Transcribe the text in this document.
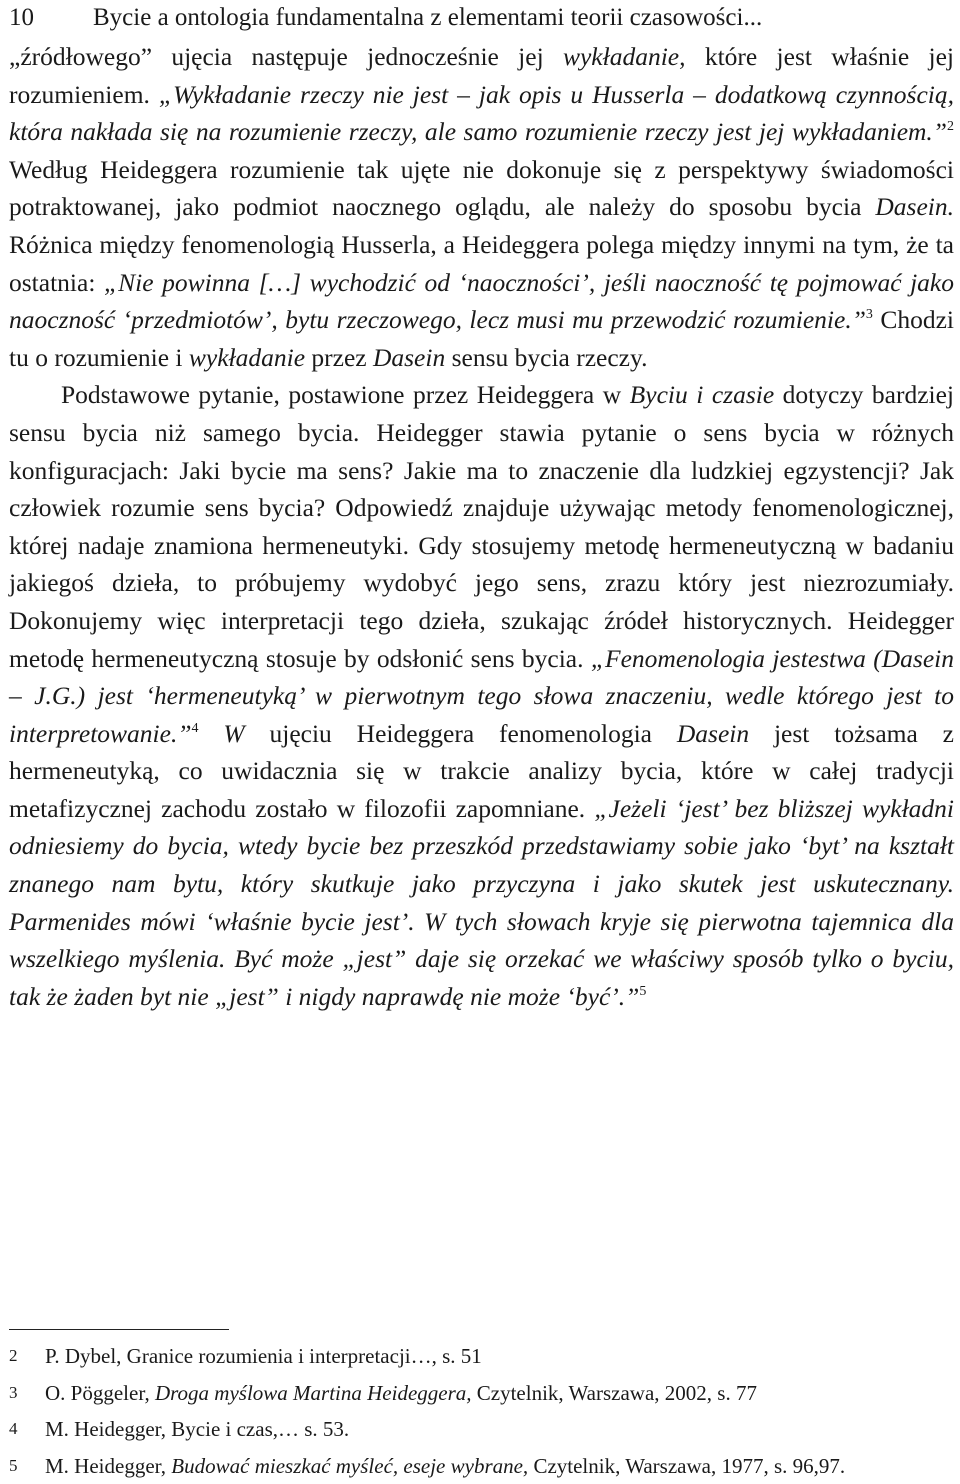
10 Bycie a ontologia fundamentalna z elementami teorii czasowości...

„źródłowego” ujęcia następuje jednocześnie jej wykładanie, które jest właśnie jej rozumieniem. „Wykładanie rzeczy nie jest – jak opis u Husserla – dodatkową czynnością, która nakłada się na rozumienie rzeczy, ale samo rozumienie rzeczy jest jej wykładaniem.”$^2$ Według Heideggera rozumienie tak ujęte nie dokonuje się z perspektywy świadomości potraktowanej, jako podmiot naocznego oglądu, ale należy do sposobu bycia Dasein. Różnica między fenomenologią Husserla, a Heideggera polega między innymi na tym, że ta ostatnia: „Nie powinna […] wychodzić od ‘naoczności’, jeśli naoczność tę pojmować jako naoczność ‘przedmiotów’, bytu rzeczowego, lecz musi mu przewodzić rozumienie.”$^3$ Chodzi tu o rozumienie i wykładanie przez Dasein sensu bycia rzeczy.

Podstawowe pytanie, postawione przez Heideggera w Byciu i czasie dotyczy bardziej sensu bycia niż samego bycia. Heidegger stawia pytanie o sens bycia w różnych konfiguracjach: Jaki bycie ma sens? Jakie ma to znaczenie dla ludzkiej egzystencji? Jak człowiek rozumie sens bycia? Odpowiedź znajduje używając metody fenomenologicznej, której nadaje znamiona hermeneutyki. Gdy stosujemy metodę hermeneutyczną w badaniu jakiegoś dzieła, to próbujemy wydobyć jego sens, zrazu który jest niezrozumiały. Dokonujemy więc interpretacji tego dzieła, szukając źródeł historycznych. Heidegger metodę hermeneutyczną stosuje by odsłonić sens bycia. „Fenomenologia jestestwa (Dasein – J.G.) jest ‘hermeneutyką’ w pierwotnym tego słowa znaczeniu, wedle którego jest to interpretowanie.”$^4$ W ujęciu Heideggera fenomenologia Dasein jest tożsama z hermeneutyką, co uwidacznia się w trakcie analizy bycia, które w całej tradycji metafizycznej zachodu zostało w filozofii zapomniane. „Jeżeli ‘jest’ bez bliższej wykładni odniesiemy do bycia, wtedy bycie bez przeszkód przedstawiamy sobie jako ‘byt’ na kształt znanego nam bytu, który skutkuje jako przyczyna i jako skutek jest uskutecznany. Parmenides mówi ‘właśnie bycie jest’. W tych słowach kryje się pierwotna tajemnica dla wszelkiego myślenia. Być może „jest” daje się orzekać we właściwy sposób tylko o byciu, tak że żaden byt nie „jest” i nigdy naprawdę nie może ‘być’.”$^5$

2 P. Dybel, Granice rozumienia i interpretacji…, s. 51
3 O. Pöggeler, Droga myślowa Martina Heideggera, Czytelnik, Warszawa, 2002, s. 77
4 M. Heidegger, Bycie i czas,… s. 53.
5 M. Heidegger, Budować mieszkać myśleć, eseje wybrane, Czytelnik, Warszawa, 1977, s. 96,97.
